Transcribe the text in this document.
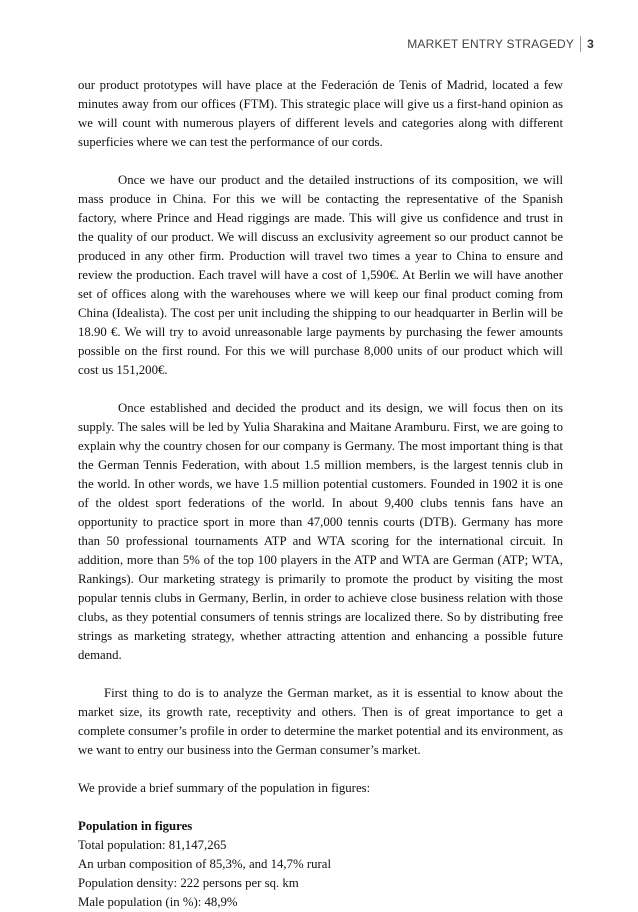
MARKET ENTRY STRAGEDY	3

our product prototypes will have place at the Federación de Tenis of Madrid, located a few minutes away from our offices (FTM). This strategic place will give us a first-hand opinion as we will count with numerous players of different levels and categories along with different superficies where we can test the performance of our cords.

Once we have our product and the detailed instructions of its composition, we will mass produce in China. For this we will be contacting the representative of the Spanish factory, where Prince and Head riggings are made. This will give us confidence and trust in the quality of our product. We will discuss an exclusivity agreement so our product cannot be produced in any other firm. Production will travel two times a year to China to ensure and review the production. Each travel will have a cost of 1,590€. At Berlin we will have another set of offices along with the warehouses where we will keep our final product coming from China (Idealista). The cost per unit including the shipping to our headquarter in Berlin will be 18.90 €. We will try to avoid unreasonable large payments by purchasing the fewer amounts possible on the first round. For this we will purchase 8,000 units of our product which will cost us 151,200€.

Once established and decided the product and its design, we will focus then on its supply. The sales will be led by Yulia Sharakina and Maitane Aramburu. First, we are going to explain why the country chosen for our company is Germany. The most important thing is that the German Tennis Federation, with about 1.5 million members, is the largest tennis club in the world. In other words, we have 1.5 million potential customers. Founded in 1902 it is one of the oldest sport federations of the world. In about 9,400 clubs tennis fans have an opportunity to practice sport in more than 47,000 tennis courts (DTB). Germany has more than 50 professional tournaments ATP and WTA scoring for the international circuit. In addition, more than 5% of the top 100 players in the ATP and WTA are German (ATP; WTA, Rankings). Our marketing strategy is primarily to promote the product by visiting the most popular tennis clubs in Germany, Berlin, in order to achieve close business relation with those clubs, as they potential consumers of tennis strings are localized there. So by distributing free strings as marketing strategy, whether attracting attention and enhancing a possible future demand.

First thing to do is to analyze the German market, as it is essential to know about the market size, its growth rate, receptivity and others. Then is of great importance to get a complete consumer’s profile in order to determine the market potential and its environment, as we want to entry our business into the German consumer’s market.

We provide a brief summary of the population in figures:

Population in figures

Total population: 81,147,265

An urban composition of 85,3%, and 14,7% rural

Population density: 222 persons per sq. km

Male population (in %): 48,9%
